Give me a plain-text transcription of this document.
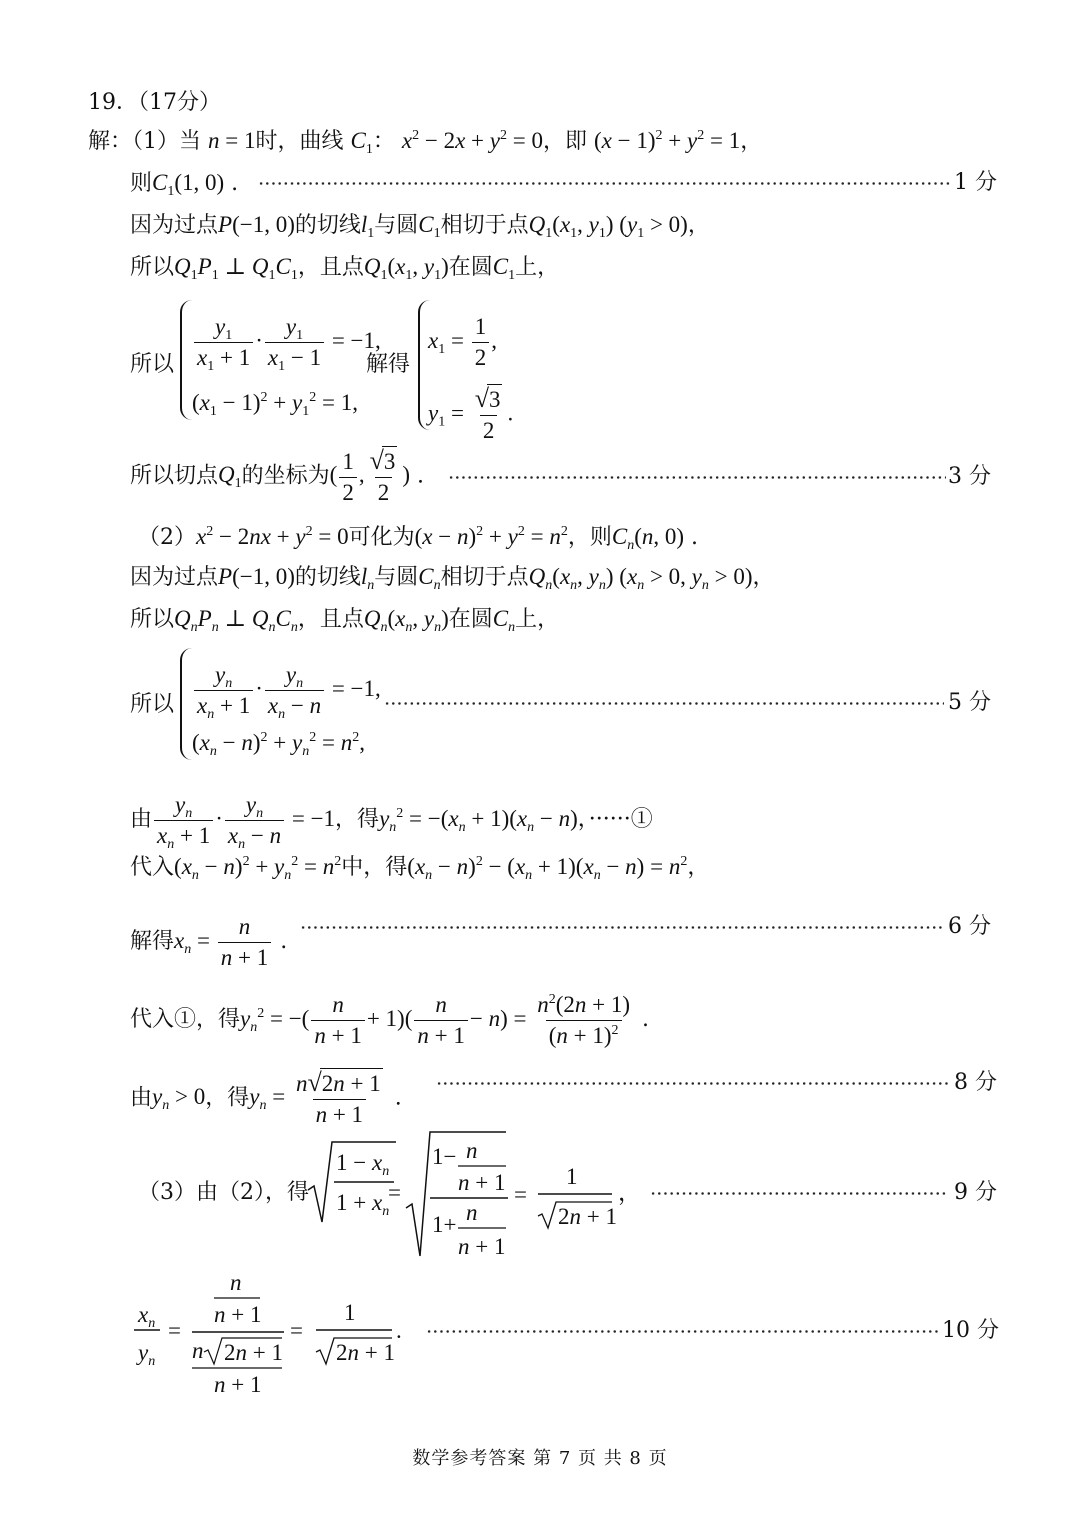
19．（17分）
解：（1）当 n = 1时，曲线 $C_1$： $x^2 - 2x + y^2 = 0$，即 $(x - 1)^2 + y^2 = 1$，
则$C_1(1$, 0) .	1 分
因为过点P(−1, 0)的切线$l_1$与圆$C_1$相切于点$Q_1(x_1$, $y_1$) $(y_1 > 0)$，
所以$Q_1P_1$ ⊥ $Q_1C_1$，且点$Q_1(x_1$, $y_1$)在圆$C_1$上，
所以 $\frac{y_1}{x_1 + 1} \cdot \frac{y_1}{x_1 - 1} = -1$,
$(x_1 - 1)^2 + y_1^2 = 1$,
解得
$x_1 = \frac{1}{2}$ ,
$y_1 = \frac{√3}{2}$ .
所以切点$Q_1$的坐标为( $\frac{1}{2}$ , $\frac{√3}{2}$ ) .	3 分
$(2)x^2 - 2nx + y^2 = 0$可化为$(x - n)^2 + y^2 = n^2$，则$C_n(n$, 0) .
因为过点P(−1, 0)的切线$l_n$与圆$C_n$相切于点$Q_n(x_n$, $y_n$) ($x_n > 0$, $y_n > 0$)，
所以$Q_nP_n$ ⊥ $Q_nC_n$，且点$Q_n(x_n$, $y_n$)在圆$C_n$上，
所以 $\frac{y_n}{x_n + 1} \cdot \frac{y_n}{x_n - n} = -1$,
$(x_n - n)^2 + y_n^2 = n^2$,
5 分
由 $\frac{y_n}{x_n + 1} \cdot \frac{y_n}{x_n - n} = -1$，得$y_n^2 = -(x_n + 1)(x_n - n)$，······①
代入$(x_n - n)^2 + y_n^2 = n^2$中，得$(x_n - n)^2 - (x_n + 1)(x_n - n) = n^2$，
解得$x_n = \frac{n}{n + 1}$ .
6 分
代入①，得$y_n^2$ = −( $\frac{n}{n + 1} + 1)( \frac{n}{n + 1} - n) = \frac{n^2(2n + 1)}{(n + 1)^2}$ .
由$y_n > 0$，得$y_n = \frac{n√2n + 1}{n + 1}$ .
8 分
（3）由（2），得
$1 - x_n$
$1 + x_n$
=
1− n
n + 1
1+ n
n + 1
=
1
2n + 1
，	9 分
$x_n$
$y_n$
=
n
n + 1
n 2n + 1
n + 1
=
1
2n + 1
.	10 分
数学参考答案 第 7 页 共 8 页
